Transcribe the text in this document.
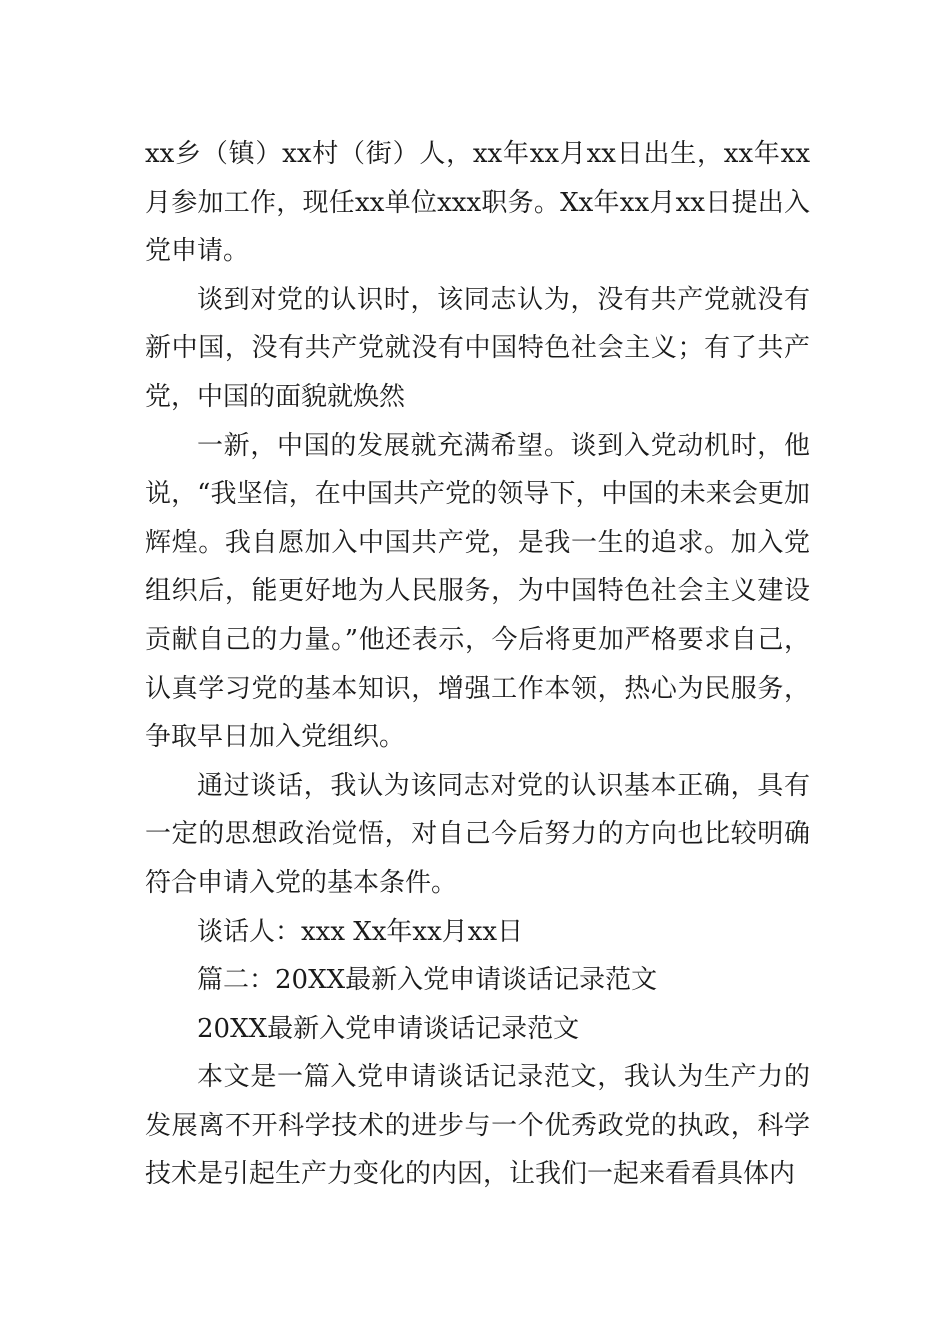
xx乡（镇）xx村（街）人，xx年xx月xx日出生，xx年xx月参加工作，现任xx单位xxx职务。Xx年xx月xx日提出入党申请。

谈到对党的认识时，该同志认为，没有共产党就没有新中国，没有共产党就没有中国特色社会主义；有了共产党，中国的面貌就焕然

一新，中国的发展就充满希望。谈到入党动机时，他说，“我坚信，在中国共产党的领导下，中国的未来会更加辉煌。我自愿加入中国共产党，是我一生的追求。加入党组织后，能更好地为人民服务，为中国特色社会主义建设贡献自己的力量。”他还表示，今后将更加严格要求自己，认真学习党的基本知识，增强工作本领，热心为民服务，争取早日加入党组织。

通过谈话，我认为该同志对党的认识基本正确，具有一定的思想政治觉悟，对自己今后努力的方向也比较明确符合申请入党的基本条件。

谈话人：xxx Xx年xx月xx日

篇二：20XX最新入党申请谈话记录范文

20XX最新入党申请谈话记录范文

本文是一篇入党申请谈话记录范文，我认为生产力的发展离不开科学技术的进步与一个优秀政党的执政，科学技术是引起生产力变化的内因，让我们一起来看看具体内
